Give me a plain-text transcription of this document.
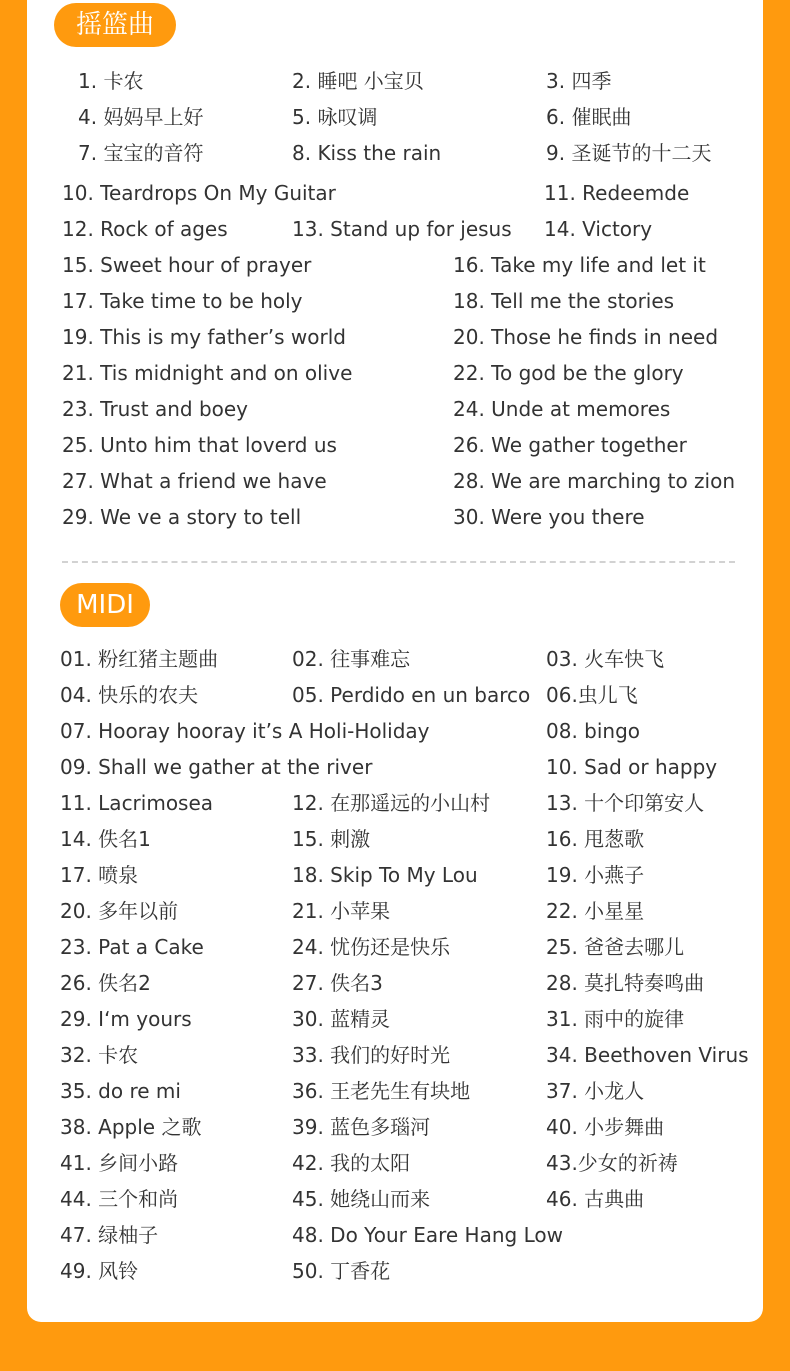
摇篮曲
1. 卡农	2. 睡吧 小宝贝	3. 四季
4. 妈妈早上好	5. 咏叹调	6. 催眠曲
7. 宝宝的音符	8. Kiss the rain	9. 圣诞节的十二天
10. Teardrops On My Guitar	11. Redeemde
12. Rock of ages	13. Stand up for jesus 14. Victory
15. Sweet hour of prayer	16. Take my life and let it
17. Take time to be holy	18. Tell me the stories
19. This is my father’s world	20. Those he finds in need
21. Tis midnight and on olive	22. To god be the glory
23. Trust and boey	24. Unde at memores
25. Unto him that loverd us	26. We gather together
27. What a friend we have	28. We are marching to zion
29. We ve a story to tell	30. Were you there
MIDI
01. 粉红猪主题曲	02. 往事难忘	03. 火车快飞
04. 快乐的农夫	05. Perdido en un barco 06.虫儿飞
07. Hooray hooray it’s A Holi-Holiday	08. bingo
09. Shall we gather at the river	10. Sad or happy
11. Lacrimosea	12. 在那遥远的小山村	13. 十个印第安人
14. 佚名1	15. 刺激	16. 甩葱歌
17. 喷泉	18. Skip To My Lou	19. 小燕子
20. 多年以前	21. 小苹果	22. 小星星
23. Pat a Cake	24. 忧伤还是快乐	25. 爸爸去哪儿
26. 佚名2	27. 佚名3	28. 莫扎特奏鸣曲
29. I‘m yours	30. 蓝精灵	31. 雨中的旋律
32. 卡农	33. 我们的好时光	34. Beethoven Virus
35. do re mi	36. 王老先生有块地	37. 小龙人
38. Apple 之歌	39. 蓝色多瑙河	40. 小步舞曲
41. 乡间小路	42. 我的太阳	43.少女的祈祷
44. 三个和尚	45. 她绕山而来	46. 古典曲
47. 绿柚子	48. Do Your Eare Hang Low
49. 风铃	50. 丁香花
